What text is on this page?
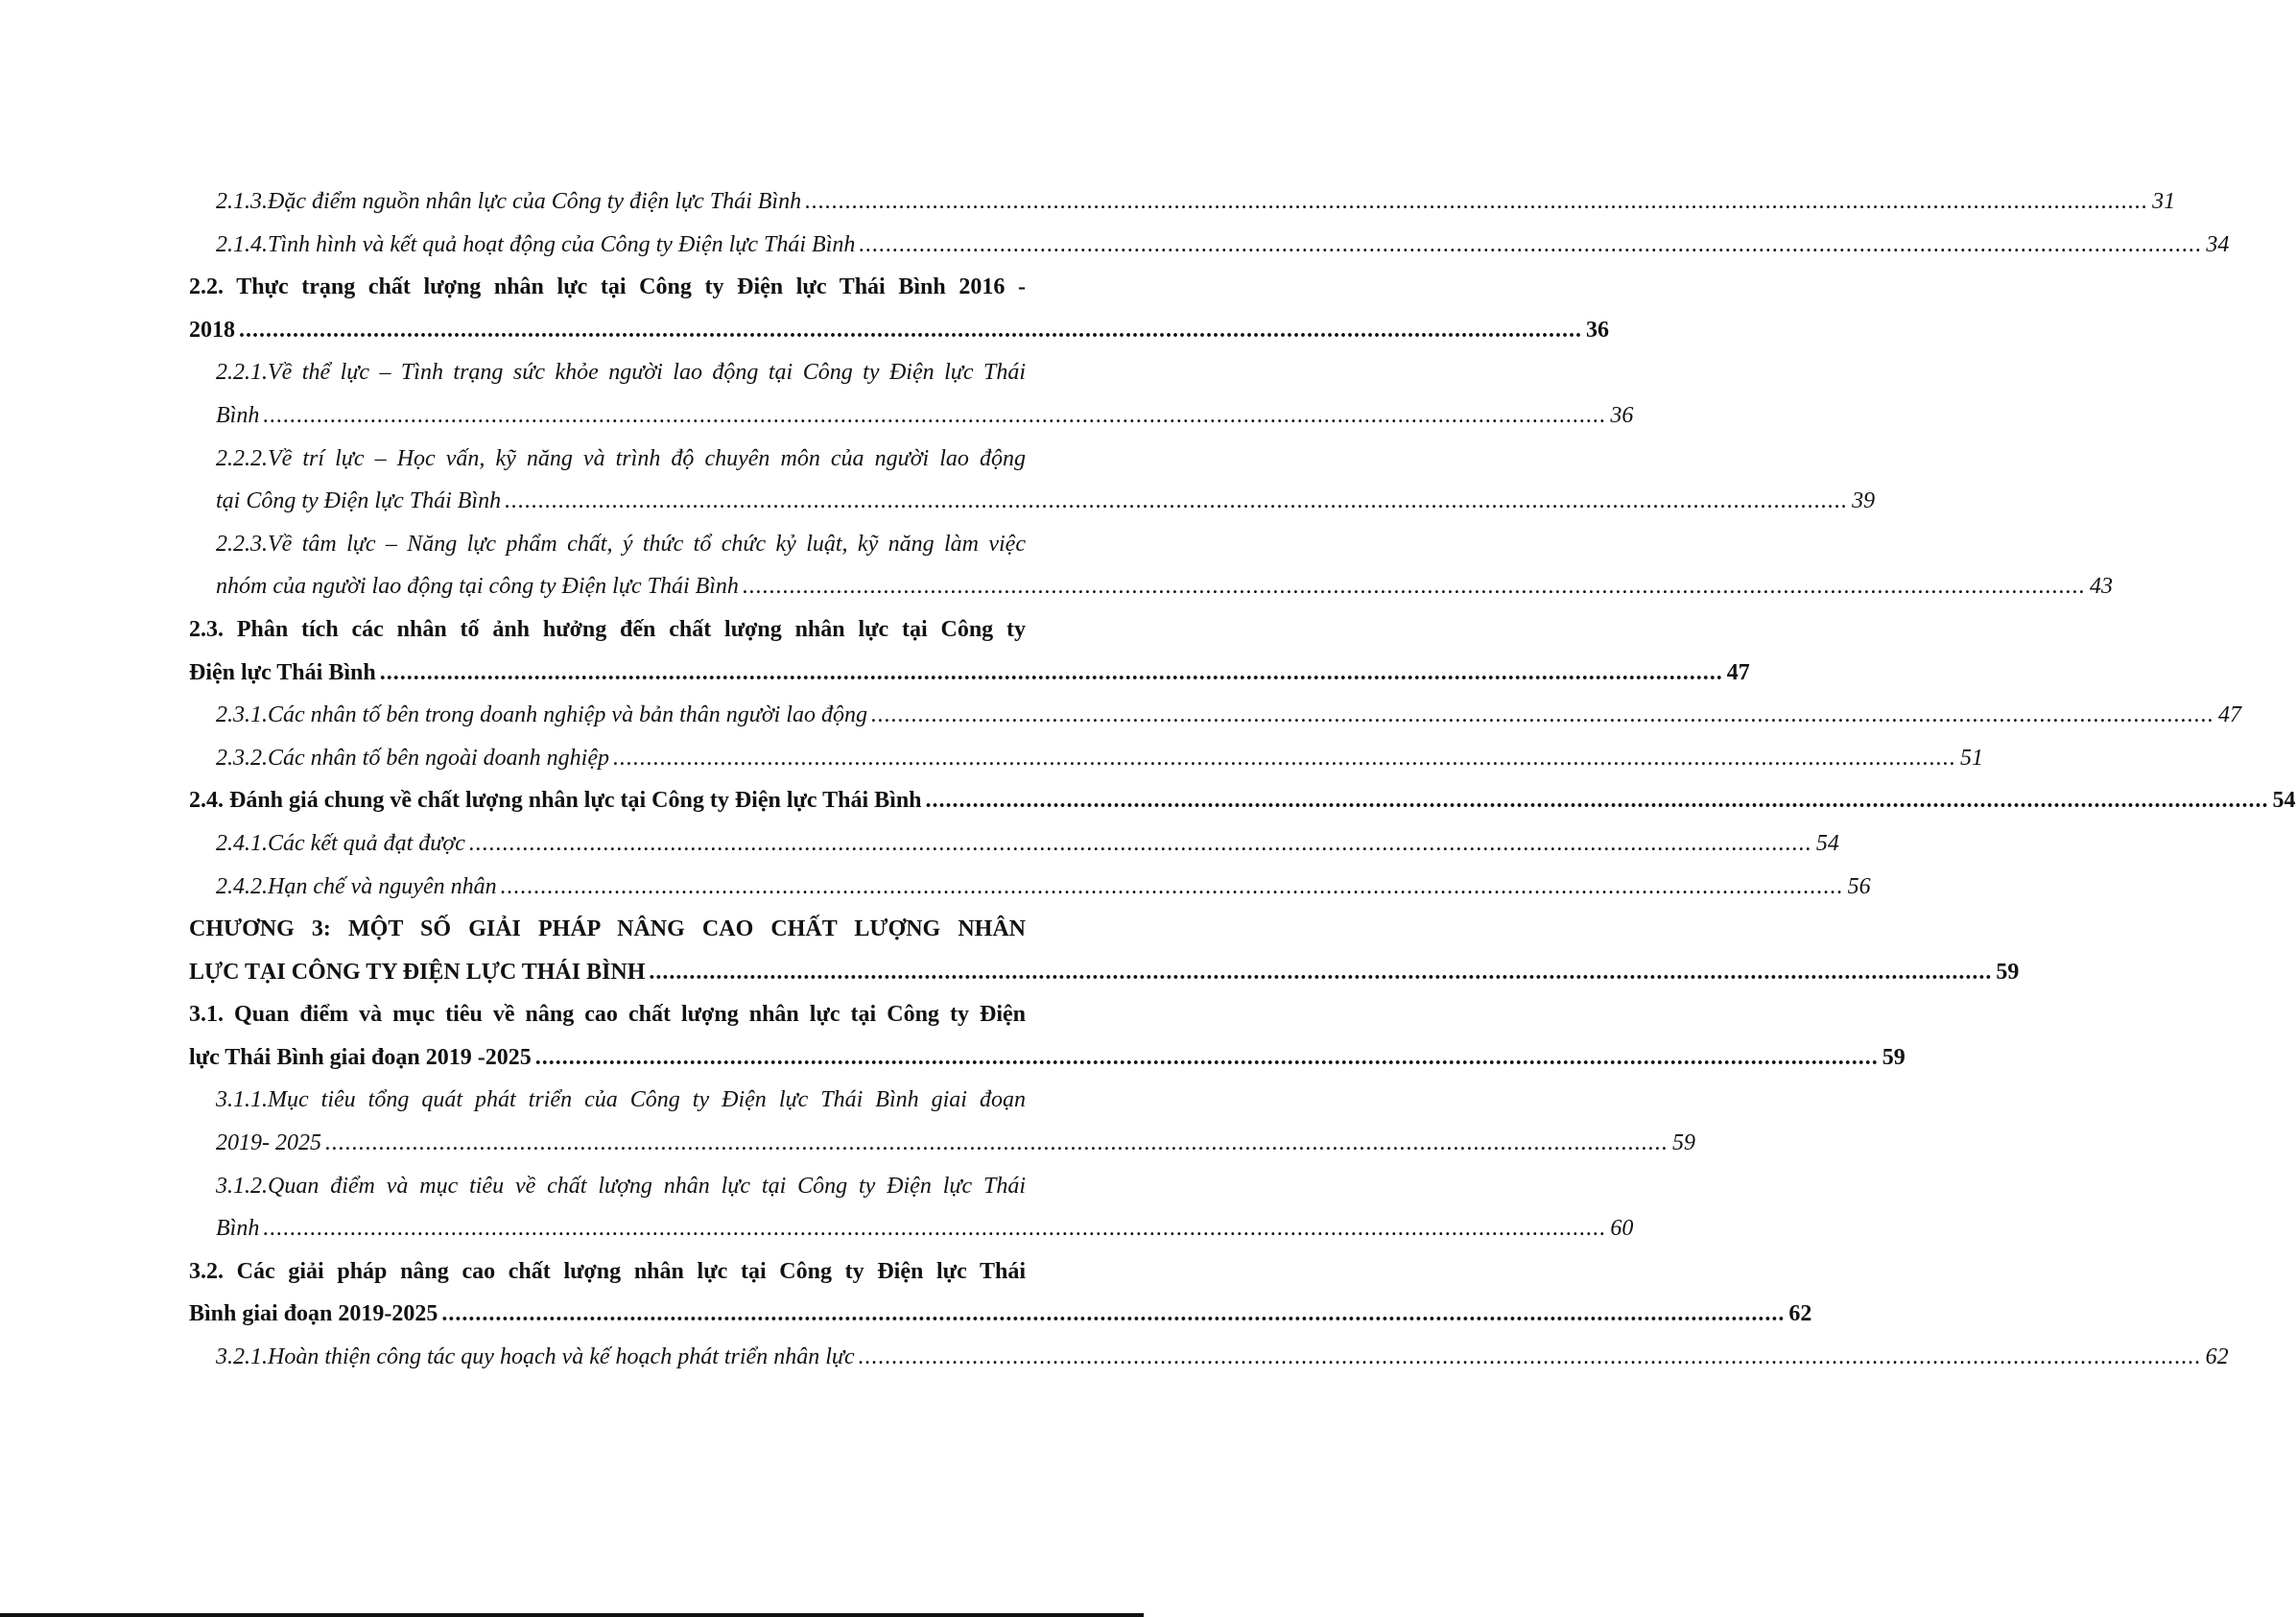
2.1.3.Đặc điểm nguồn nhân lực của Công ty điện lực Thái Bình ........................................................................................................................................................................................................ 31
2.1.4.Tình hình và kết quả hoạt động của Công ty Điện lực Thái Bình ........................................................................................................................................................................................................ 34
2.2. Thực trạng chất lượng nhân lực tại Công ty Điện lực Thái Bình 2016 -
2018 ........................................................................................................................................................................................................ 36
2.2.1.Về thể lực – Tình trạng sức khỏe người lao động tại Công ty Điện lực Thái
Bình ........................................................................................................................................................................................................ 36
2.2.2.Về trí lực – Học vấn, kỹ năng và trình độ chuyên môn của người lao động
tại Công ty Điện lực Thái Bình ........................................................................................................................................................................................................ 39
2.2.3.Về tâm lực – Năng lực phẩm chất, ý thức tổ chức kỷ luật, kỹ năng làm việc
nhóm của người lao động tại công ty Điện lực Thái Bình ........................................................................................................................................................................................................ 43
2.3. Phân tích các nhân tố ảnh hưởng đến chất lượng nhân lực tại Công ty
Điện lực Thái Bình ........................................................................................................................................................................................................ 47
2.3.1.Các nhân tố bên trong doanh nghiệp và bản thân người lao động ........................................................................................................................................................................................................ 47
2.3.2.Các nhân tố bên ngoài doanh nghiệp ........................................................................................................................................................................................................ 51
2.4. Đánh giá chung về chất lượng nhân lực tại Công ty Điện lực Thái Bình ........................................................................................................................................................................................................ 54
2.4.1.Các kết quả đạt được ........................................................................................................................................................................................................ 54
2.4.2.Hạn chế và nguyên nhân ........................................................................................................................................................................................................ 56
CHƯƠNG 3: MỘT SỐ GIẢI PHÁP NÂNG CAO CHẤT LƯỢNG NHÂN
LỰC TẠI CÔNG TY ĐIỆN LỰC THÁI BÌNH ........................................................................................................................................................................................................ 59
3.1. Quan điểm và mục tiêu về nâng cao chất lượng nhân lực tại Công ty Điện
lực Thái Bình giai đoạn 2019 -2025 ........................................................................................................................................................................................................ 59
3.1.1.Mục tiêu tổng quát phát triển của Công ty Điện lực Thái Bình giai đoạn
2019- 2025 ........................................................................................................................................................................................................ 59
3.1.2.Quan điểm và mục tiêu về chất lượng nhân lực tại Công ty Điện lực Thái
Bình ........................................................................................................................................................................................................ 60
3.2. Các giải pháp nâng cao chất lượng nhân lực tại Công ty Điện lực Thái
Bình giai đoạn 2019-2025 ........................................................................................................................................................................................................ 62
3.2.1.Hoàn thiện công tác quy hoạch và kế hoạch phát triển nhân lực ........................................................................................................................................................................................................ 62
